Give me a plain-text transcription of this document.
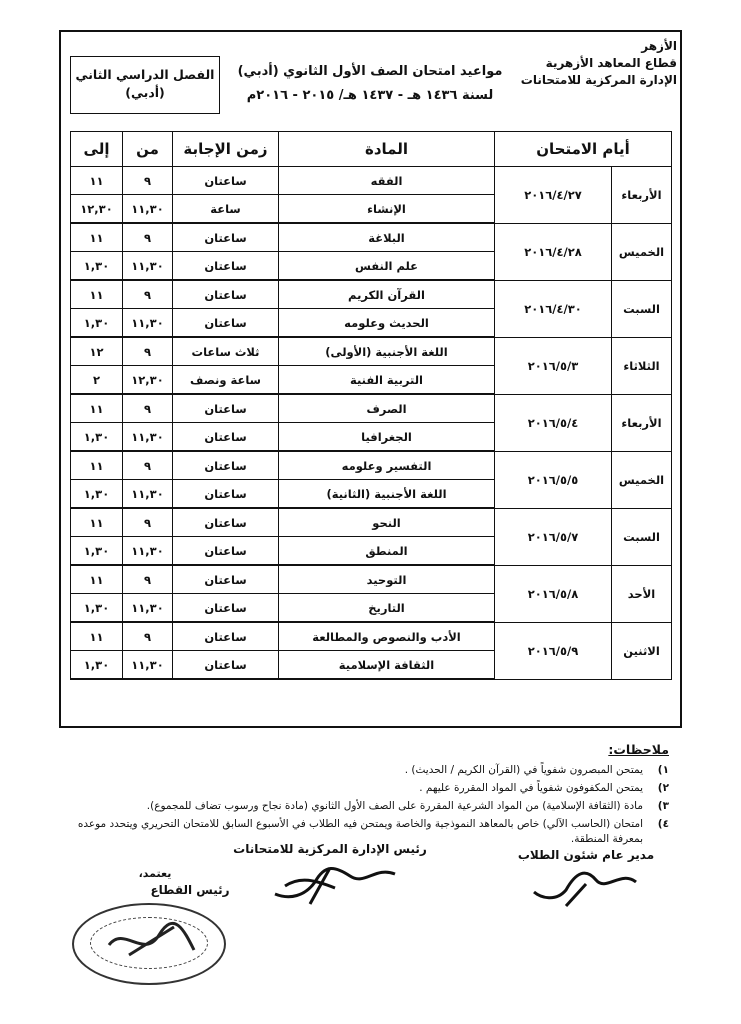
الأزهر
قطاع المعاهد الأزهرية
الإدارة المركزية للامتحانات
مواعيد امتحان الصف الأول الثانوي (أدبي)
لسنة ١٤٣٦ هـ - ١٤٣٧ هـ/ ٢٠١٥ - ٢٠١٦م
الفصل الدراسي الثاني
(أدبي)
أيام الامتحان		المادة	زمن الإجابة	من	إلى
الأربعاء	٢٠١٦/٤/٢٧	الفقه	ساعتان	٩	١١
		الإنشاء	ساعة	١١,٣٠	١٢,٣٠
الخميس	٢٠١٦/٤/٢٨	البلاغة	ساعتان	٩	١١
		علم النفس	ساعتان	١١,٣٠	١,٣٠
السبت	٢٠١٦/٤/٣٠	القرآن الكريم	ساعتان	٩	١١
		الحديث وعلومه	ساعتان	١١,٣٠	١,٣٠
الثلاثاء	٢٠١٦/٥/٣	اللغة الأجنبية (الأولى)	ثلاث ساعات	٩	١٢
		التربية الفنية	ساعة ونصف	١٢,٣٠	٢
الأربعاء	٢٠١٦/٥/٤	الصرف	ساعتان	٩	١١
		الجغرافيا	ساعتان	١١,٣٠	١,٣٠
الخميس	٢٠١٦/٥/٥	التفسير وعلومه	ساعتان	٩	١١
		اللغة الأجنبية (الثانية)	ساعتان	١١,٣٠	١,٣٠
السبت	٢٠١٦/٥/٧	النحو	ساعتان	٩	١١
		المنطق	ساعتان	١١,٣٠	١,٣٠
الأحد	٢٠١٦/٥/٨	التوحيد	ساعتان	٩	١١
		التاريخ	ساعتان	١١,٣٠	١,٣٠
الاثنين	٢٠١٦/٥/٩	الأدب والنصوص والمطالعة	ساعتان	٩	١١
		الثقافة الإسلامية	ساعتان	١١,٣٠	١,٣٠
ملاحظات:
١)
يمتحن المبصرون شفوياً في (القرآن الكريم / الحديث) .
٢)
يمتحن المكفوفون شفوياً في المواد المقررة عليهم .
٣)
مادة (الثقافة الإسلامية) من المواد الشرعية المقررة على الصف الأول الثانوي (مادة نجاح ورسوب تضاف للمجموع).
٤)
امتحان (الحاسب الآلي) خاص بالمعاهد النموذجية والخاصة ويمتحن فيه الطلاب في الأسبوع السابق للامتحان التحريري ويتحدد موعده بمعرفة المنطقة.
مدير عام شئون الطلاب
رئيس الإدارة المركزية للامتحانات
يعتمد،
رئيس القطاع
